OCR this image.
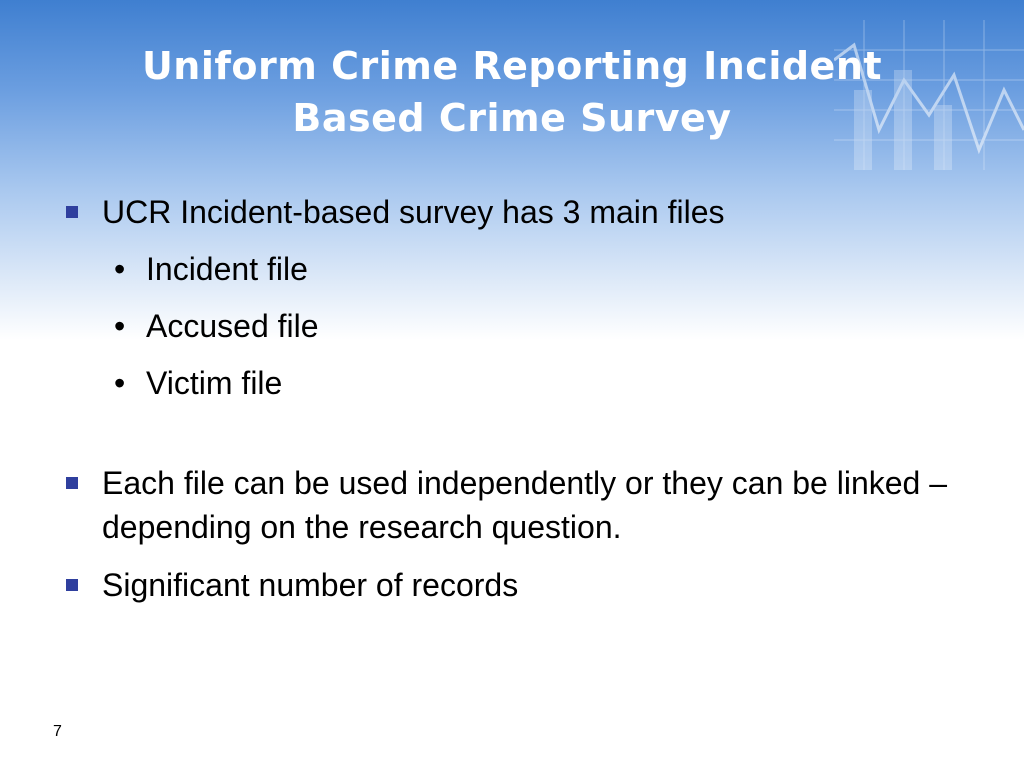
Uniform Crime Reporting Incident
Based Crime Survey
UCR Incident-based survey has 3 main files
• Incident file
• Accused file
• Victim file
Each file can be used independently or they can be linked – depending on the research question.
Significant number of records
7
